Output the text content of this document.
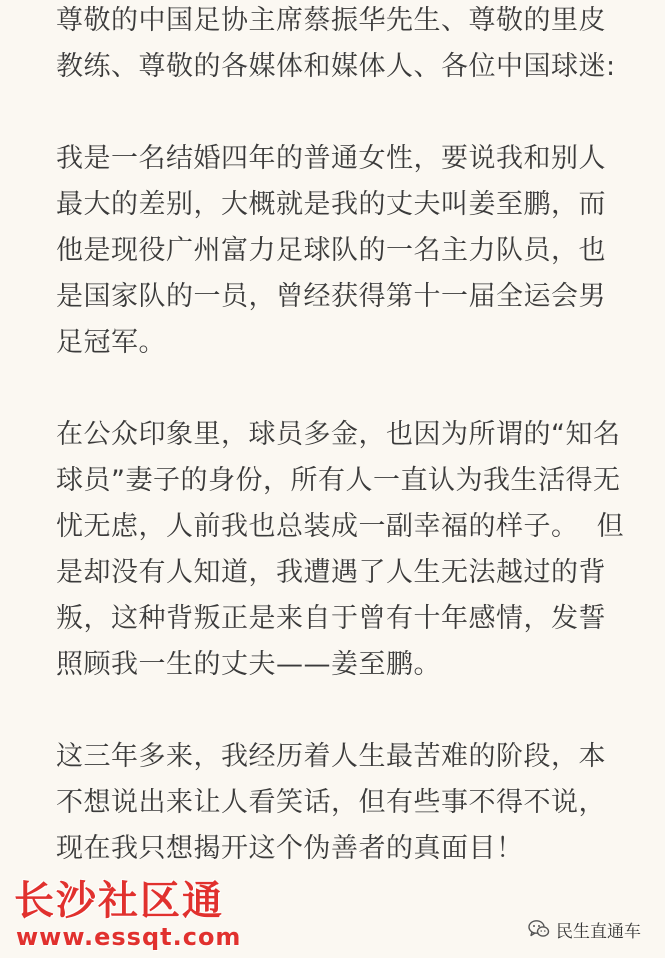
尊敬的中国足协主席蔡振华先生、尊敬的里皮教练、尊敬的各媒体和媒体人、各位中国球迷:

我是一名结婚四年的普通女性，要说我和别人最大的差别，大概就是我的丈夫叫姜至鹏，而他是现役广州富力足球队的一名主力队员，也是国家队的一员，曾经获得第十一届全运会男足冠军。

在公众印象里，球员多金，也因为所谓的“知名球员”妻子的身份，所有人一直认为我生活得无忧无虑，人前我也总装成一副幸福的样子。  但是却没有人知道，我遭遇了人生无法越过的背叛，这种背叛正是来自于曾有十年感情，发誓照顾我一生的丈夫——姜至鹏。

这三年多来，我经历着人生最苦难的阶段，本不想说出来让人看笑话，但有些事不得不说，现在我只想揭开这个伪善者的真面目！

长沙社区通
www.essqt.com	民生直通车
